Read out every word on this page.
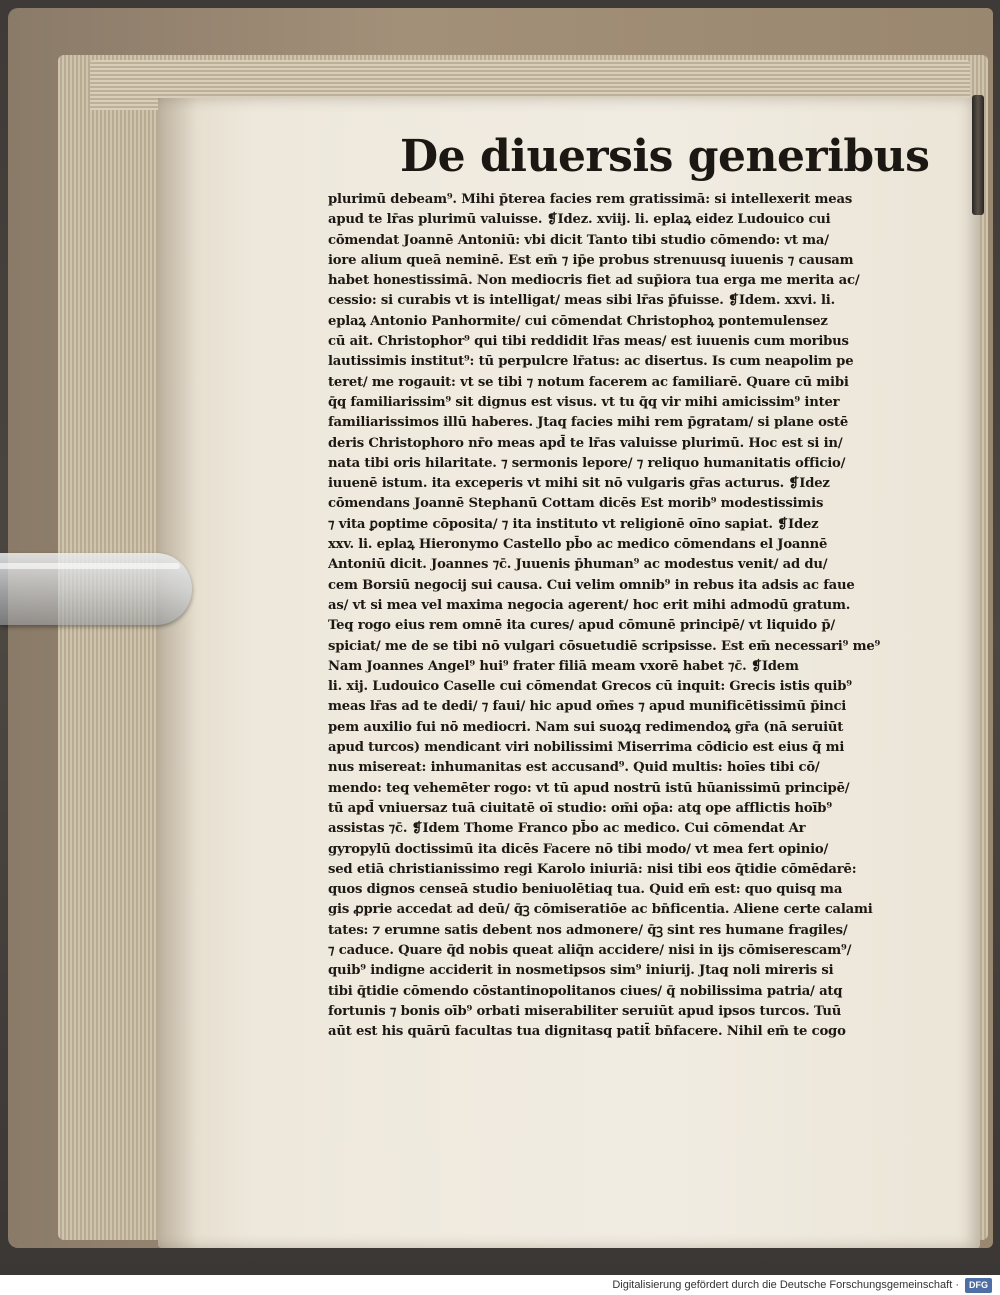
De diuersis generibus
plurimū debeam⁹. Mihi p̄terea facies rem gratissimā: si intellexerit meas
apud te lr̄as plurimū valuisse. ❡Idez. xviij. li. eplaꝝ eidez Ludouico cui
cōmendat Joannē Antoniū: vbi dicit Tanto tibi studio cōmendo: vt ma/
iore alium queā neminē. Est em̄ ⁊ ip̄e probus strenuusq̧ iuuenis ⁊ causam
habet honestissimā. Non mediocris fiet ad sup̄iora tua erga me merita ac/
cessio: si curabis vt is intelligat/ meas sibi lr̄as p̄fuisse. ❡Idem. xxvi. li.
eplaꝝ Antonio Panhormite/ cui cōmendat Christophoꝝ pontemulensez
cū ait. Christophor⁹ qui tibi reddidit lr̄as meas/ est iuuenis cum moribus
lautissimis institut⁹: tū perpulcre lr̄atus: ac disertus. Is cum neapolim pe
teret/ me rogauit: vt se tibi ⁊ notum facerem ac familiarē. Quare cū mibi
q̄q̧ familiarissim⁹ sit dignus est visus. vt tu q̄q̧ vir mihi amicissim⁹ inter
familiarissimos illū haberes. Jtaq̧ facies mihi rem p̄gratam/ si plane ostē
deris Christophoro nr̄o meas apd̄ te lr̄as valuisse plurimū. Hoc est si in/
nata tibi oris hilaritate. ⁊ sermonis lepore/ ⁊ reliquo humanitatis officio/
iuuenē istum. ita exceperis vt mihi sit nō vulgaris gr̄as acturus. ❡Idez
cōmendans Joannē Stephanū Cottam dicēs Est morib⁹ modestissimis
⁊ vita ꝑoptime cōposita/ ⁊ ita instituto vt religionē oīno sapiat. ❡Idez
xxv. li. eplaꝝ Hieronymo Castello pb̄o ac medico cōmendans el Joannē
Antoniū dicit. Joannes ⁊c̄. Juuenis p̄human⁹ ac modestus venit/ ad du/
cem Borsiū negocij sui causa. Cui velim omnib⁹ in rebus ita adsis ac faue
as/ vt si mea vel maxima negocia agerent/ hoc erit mihi admodū gratum.
Teq̧ rogo eius rem omnē ita cures/ apud cōmunē principē/ vt liquido p̄/
spiciat/ me de se tibi nō vulgari cōsuetudiē scripsisse. Est em̄ necessari⁹ me⁹
Nam Joannes Angel⁹ hui⁹ frater filiā meam vxorē habet ⁊c̄. ❡Idem
li. xij. Ludouico Caselle cui cōmendat Grecos cū inquit: Grecis istis quib⁹
meas lr̄as ad te dedi/ ⁊ faui/ hic apud om̄es ⁊ apud munificētissimū p̄inci
pem auxilio fui nō mediocri. Nam sui suoꝝq̧ redimendoꝝ gr̄a (nā seruiūt
apud turcos) mendicant viri nobilissimi Miserrima cōdicio est eius q̄ mi
nus misereat: inhumanitas est accusand⁹. Quid multis: hoīes tibi cō/
mendo: teq̧ vehemēter rogo: vt tū apud nostrū istū hūanissimū principē/
tū apd̄ vniuersaz tuā ciuitatē oī studio: om̄i op̄a: atq̧ ope afflictis hoīb⁹
assistas ⁊c̄. ❡Idem Thome Franco pb̄o ac medico. Cui cōmendat Ar
gyropylū doctissimū ita dicēs Facere nō tibi modo/ vt mea fert opinio/
sed etiā christianissimo regi Karolo iniuriā: nisi tibi eos q̄tidie cōmēdarē:
quos dignos censeā studio beniuolētiaq̧ tua. Quid em̄ est: quo quisq̧ ma
gis ꝓprie accedat ad deū/ q̄ꝫ cōmiseratiōe ac bn̄ficentia. Aliene certe calami
tates: ⁊ erumne satis debent nos admonere/ q̄ꝫ sint res humane fragiles/
⁊ caduce. Quare q̄d nobis queat aliq̄n accidere/ nisi in ijs cōmiserescam⁹/
quib⁹ indigne acciderit in nosmetipsos sim⁹ iniurij. Jtaq̧ noli mireris si
tibi q̄tidie cōmendo cōstantinopolitanos ciues/ q̄ nobilissima patria/ atq̧
fortunis ⁊ bonis oīb⁹ orbati miserabiliter seruiūt apud ipsos turcos. Tuū
aūt est his quārū facultas tua dignitasq̧ patit̄ bn̄facere. Nihil em̄ te cogo
Digitalisierung gefördert durch die Deutsche Forschungsgemeinschaft ·	DFG
